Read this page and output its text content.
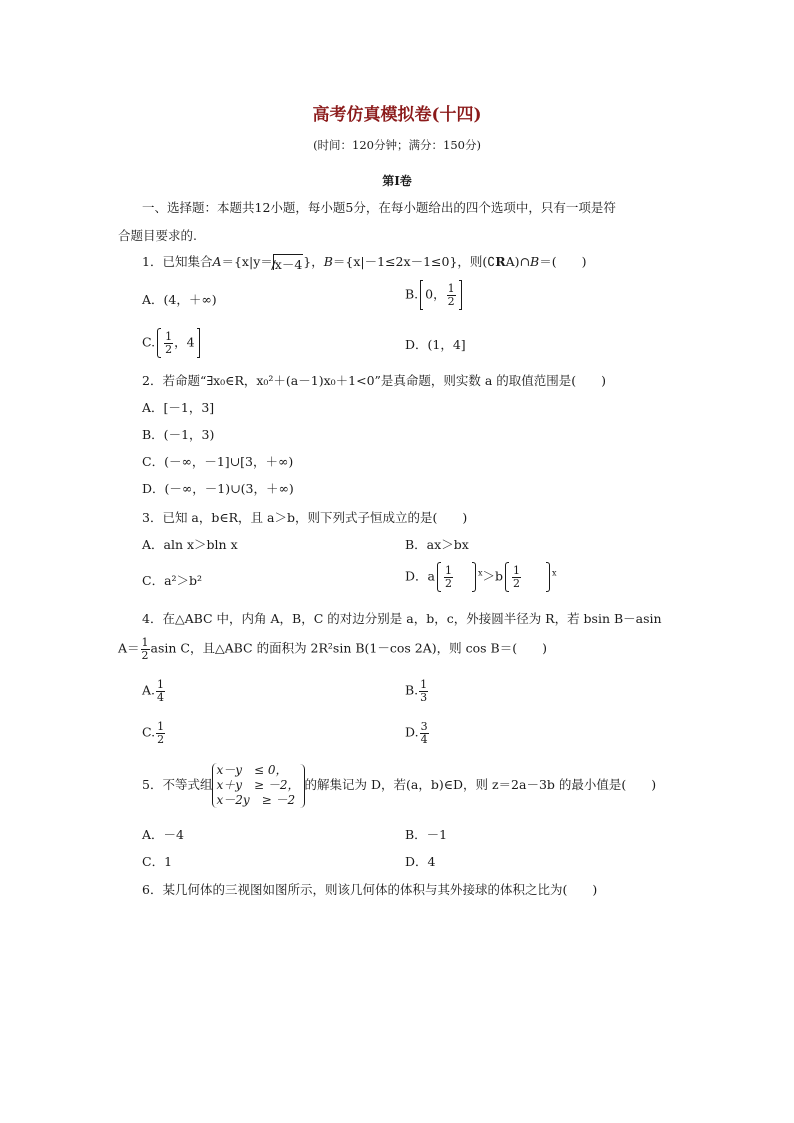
高考仿真模拟卷(十四)
(时间：120分钟；满分：150分)
第Ⅰ卷
一、选择题：本题共12小题，每小题5分，在每小题给出的四个选项中，只有一项是符
合题目要求的.
1．已知集合A＝{x|y＝ x－4}，B＝{x|－1≤2x－1≤0}，则(∁RA)∩B＝(　　)
A．(4，＋∞)	B. 0， $\frac{1}{2}$
C. $\frac{1}{2}$ ，4	D．(1，4]
2．若命题“∃x₀∈R，x₀²＋(a－1)x₀＋1<0”是真命题，则实数 a 的取值范围是(　　)
A．[－1，3]
B．(－1，3)
C．(－∞，－1]∪[3，＋∞)
D．(－∞，－1)∪(3，＋∞)
3．已知 a，b∈R，且 a＞b，则下列式子恒成立的是(　　)
A．aln x＞bln x	B．ax＞bx
C．a²＞b²	D．a $\frac{1}{2}$	$^x>b \frac{1}{2}$	$^x$
4．在△ABC 中，内角 A，B，C 的对边分别是 a，b，c，外接圆半径为 R，若 bsin B－asin
$A= \frac{1}{2}$ asin C，且△ABC 的面积为 2R²sin B(1－cos 2A)，则 cos B＝(　　)
A. $\frac{1}{4}$	B. $\frac{1}{3}$
C. $\frac{1}{2}$	D. $\frac{3}{4}$
5．不等式组
x－y　≤ 0，
x＋y　≥ －2，
x－2y　≥ －2
的解集记为 D，若(a，b)∈D，则 z＝2a－3b 的最小值是(　　)
A．－4	B．－1
C．1	D．4
6．某几何体的三视图如图所示，则该几何体的体积与其外接球的体积之比为(　　)
